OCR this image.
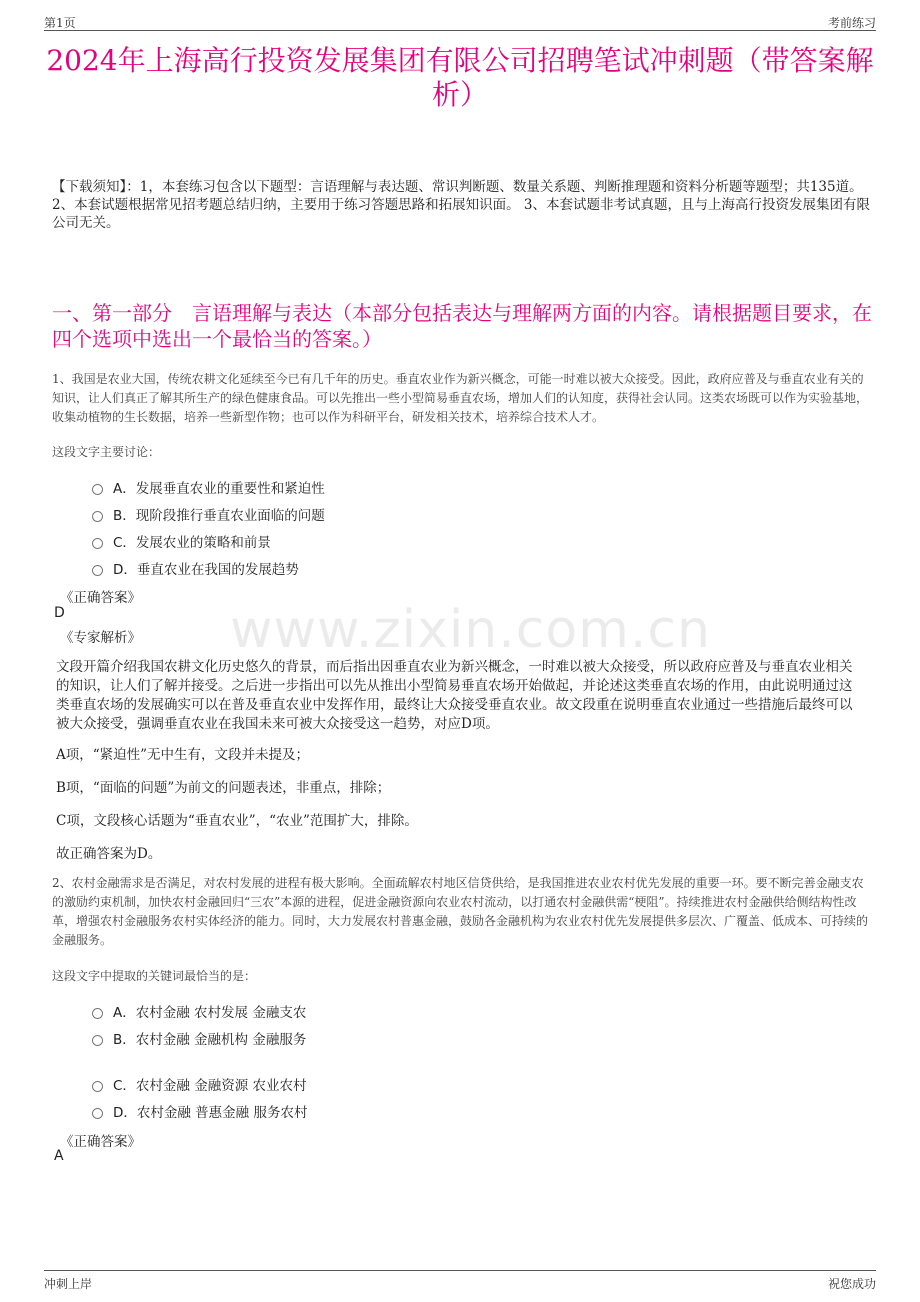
第1页	考前练习
2024年上海高行投资发展集团有限公司招聘笔试冲刺题（带答案解析）
【下载须知】：1，本套练习包含以下题型：言语理解与表达题、常识判断题、数量关系题、判断推理题和资料分析题等题型；共135道。 2、本套试题根据常见招考题总结归纳，主要用于练习答题思路和拓展知识面。 3、本套试题非考试真题，且与上海高行投资发展集团有限公司无关。
一、第一部分　言语理解与表达（本部分包括表达与理解两方面的内容。请根据题目要求，在四个选项中选出一个最恰当的答案。）
1、我国是农业大国，传统农耕文化延续至今已有几千年的历史。垂直农业作为新兴概念，可能一时难以被大众接受。因此，政府应普及与垂直农业有关的知识，让人们真正了解其所生产的绿色健康食品。可以先推出一些小型简易垂直农场，增加人们的认知度，获得社会认同。这类农场既可以作为实验基地，收集动植物的生长数据，培养一些新型作物；也可以作为科研平台，研发相关技术，培养综合技术人才。
这段文字主要讨论：
A．发展垂直农业的重要性和紧迫性
B．现阶段推行垂直农业面临的问题
C．发展农业的策略和前景
D．垂直农业在我国的发展趋势
《正确答案》
D
《专家解析》 www.zixin.com.cn
文段开篇介绍我国农耕文化历史悠久的背景，而后指出因垂直农业为新兴概念，一时难以被大众接受，所以政府应普及与垂直农业相关的知识，让人们了解并接受。之后进一步指出可以先从推出小型简易垂直农场开始做起，并论述这类垂直农场的作用，由此说明通过这类垂直农场的发展确实可以在普及垂直农业中发挥作用，最终让大众接受垂直农业。故文段重在说明垂直农业通过一些措施后最终可以被大众接受，强调垂直农业在我国未来可被大众接受这一趋势，对应D项。
A项，“紧迫性”无中生有，文段并未提及；
B项，“面临的问题”为前文的问题表述，非重点，排除；
C项，文段核心话题为“垂直农业”，“农业”范围扩大，排除。
故正确答案为D。
2、农村金融需求是否满足，对农村发展的进程有极大影响。全面疏解农村地区信贷供给，是我国推进农业农村优先发展的重要一环。要不断完善金融支农的激励约束机制，加快农村金融回归“三农”本源的进程，促进金融资源向农业农村流动，以打通农村金融供需“梗阻”。持续推进农村金融供给侧结构性改革，增强农村金融服务农村实体经济的能力。同时，大力发展农村普惠金融，鼓励各金融机构为农业农村优先发展提供多层次、广覆盖、低成本、可持续的金融服务。
这段文字中提取的关键词最恰当的是：
A．农村金融 农村发展 金融支农
B．农村金融 金融机构 金融服务
C．农村金融 金融资源 农业农村
D．农村金融 普惠金融 服务农村
《正确答案》
A
冲刺上岸	祝您成功
